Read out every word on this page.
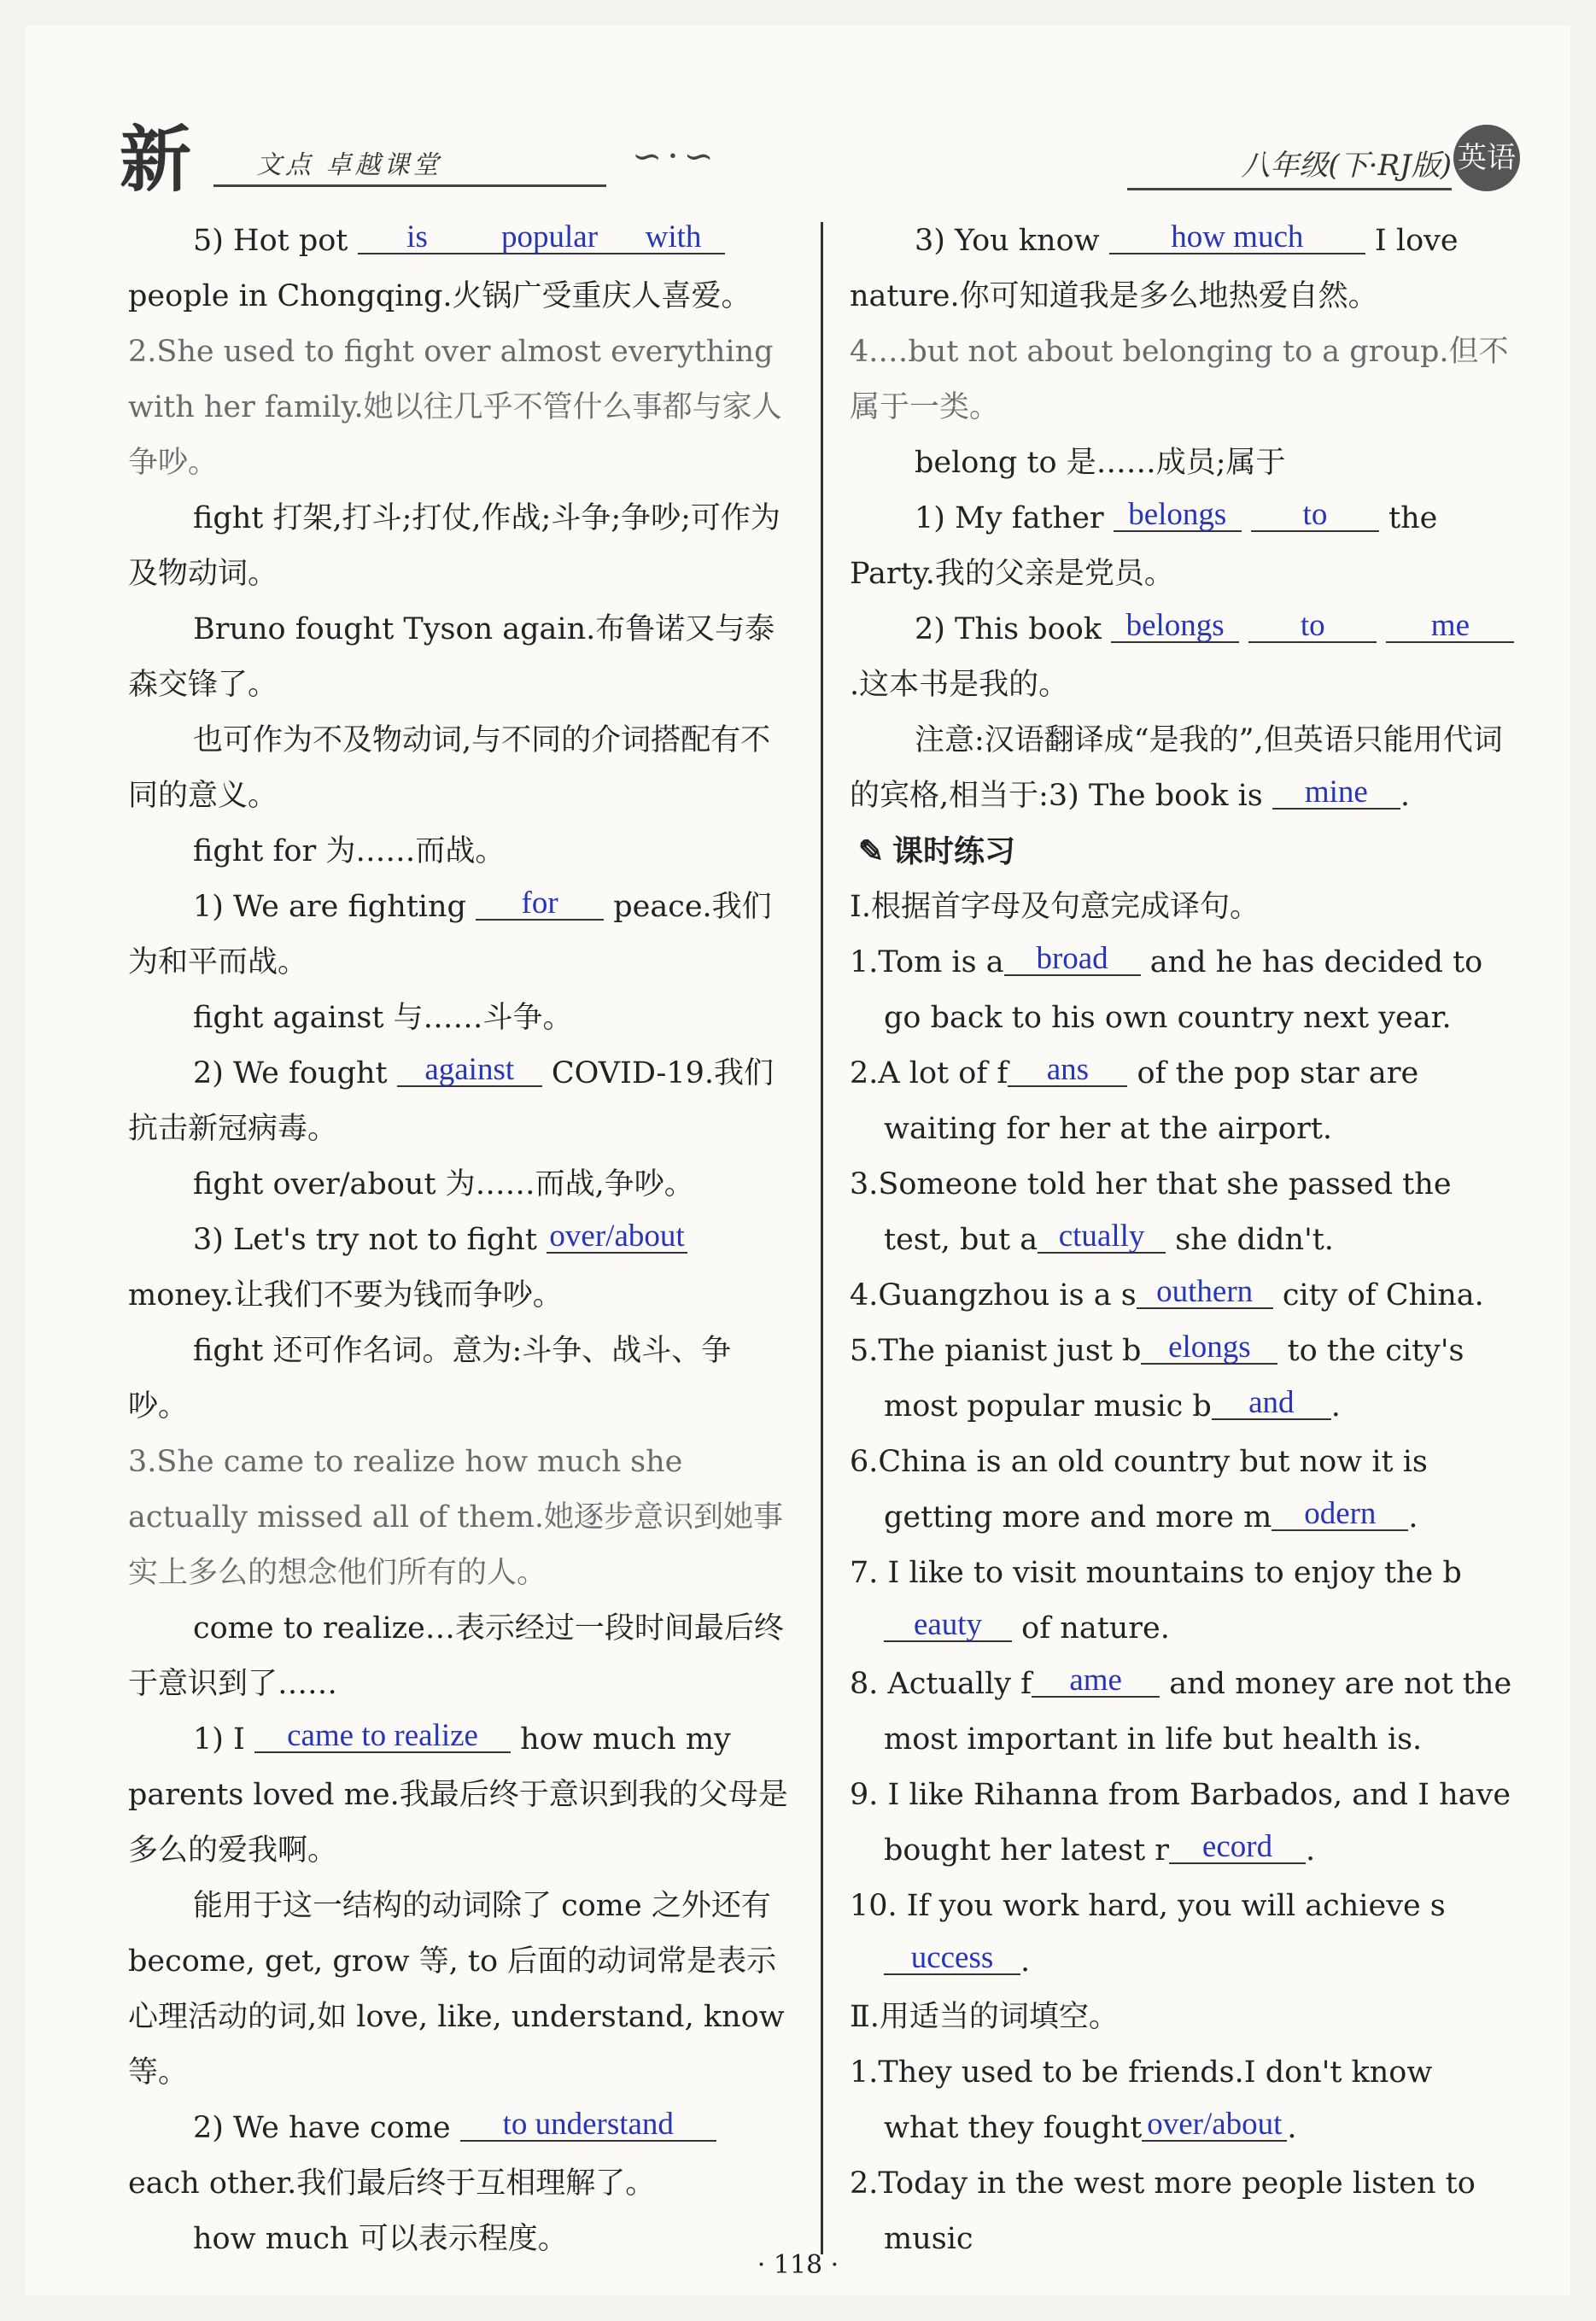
新	文点 卓越课堂	∽·∽	八年级(下·RJ版) 英语

5) Hot pot is popular with people in Chongqing.火锅广受重庆人喜爱。

2.She used to fight over almost everything with her family.她以往几乎不管什么事都与家人争吵。

fight 打架,打斗;打仗,作战;斗争;争吵;可作为及物动词。

Bruno fought Tyson again.布鲁诺又与泰森交锋了。

也可作为不及物动词,与不同的介词搭配有不同的意义。

fight for 为……而战。

1) We are fighting for peace.我们为和平而战。

fight against 与……斗争。

2) We fought against COVID-19.我们抗击新冠病毒。

fight over/about 为……而战,争吵。

3) Let's try not to fight over/about money.让我们不要为钱而争吵。

fight 还可作名词。意为:斗争、战斗、争吵。

3.She came to realize how much she actually missed all of them.她逐步意识到她事实上多么的想念他们所有的人。

come to realize…表示经过一段时间最后终于意识到了……

1) I came to realize how much my parents loved me.我最后终于意识到我的父母是多么的爱我啊。

能用于这一结构的动词除了 come 之外还有 become, get, grow 等, to 后面的动词常是表示心理活动的词,如 love, like, understand, know 等。

2) We have come to understand each other.我们最后终于互相理解了。

how much 可以表示程度。

3) You know how much I love nature.你可知道我是多么地热爱自然。

4.…but not about belonging to a group.但不属于一类。

belong to 是……成员;属于

1) My father belongs to the Party.我的父亲是党员。

2) This book belongs to	me.这本书是我的。

注意:汉语翻译成“是我的”,但英语只能用代词的宾格,相当于:3) The book is mine .

✎ 课时练习

Ⅰ.根据首字母及句意完成译句。

1.Tom is a broad and he has decided to go back to his own country next year.

2.A lot of f ans of the pop star are waiting for her at the airport.

3.Someone told her that she passed the test, but a ctually she didn't.

4.Guangzhou is a s outhern city of China.

5.The pianist just b elongs to the city's most popular music b and .

6.China is an old country but now it is getting more and more m odern .

7. I like to visit mountains to enjoy the beauty of nature.

8. Actually f ame and money are not the most important in life but health is.

9. I like Rihanna from Barbados, and I have bought her latest r ecord .

10. If you work hard, you will achieve success .

Ⅱ.用适当的词填空。

1.They used to be friends.I don't know what they fought over/about .

2.Today in the west more people listen to music

· 118 ·
